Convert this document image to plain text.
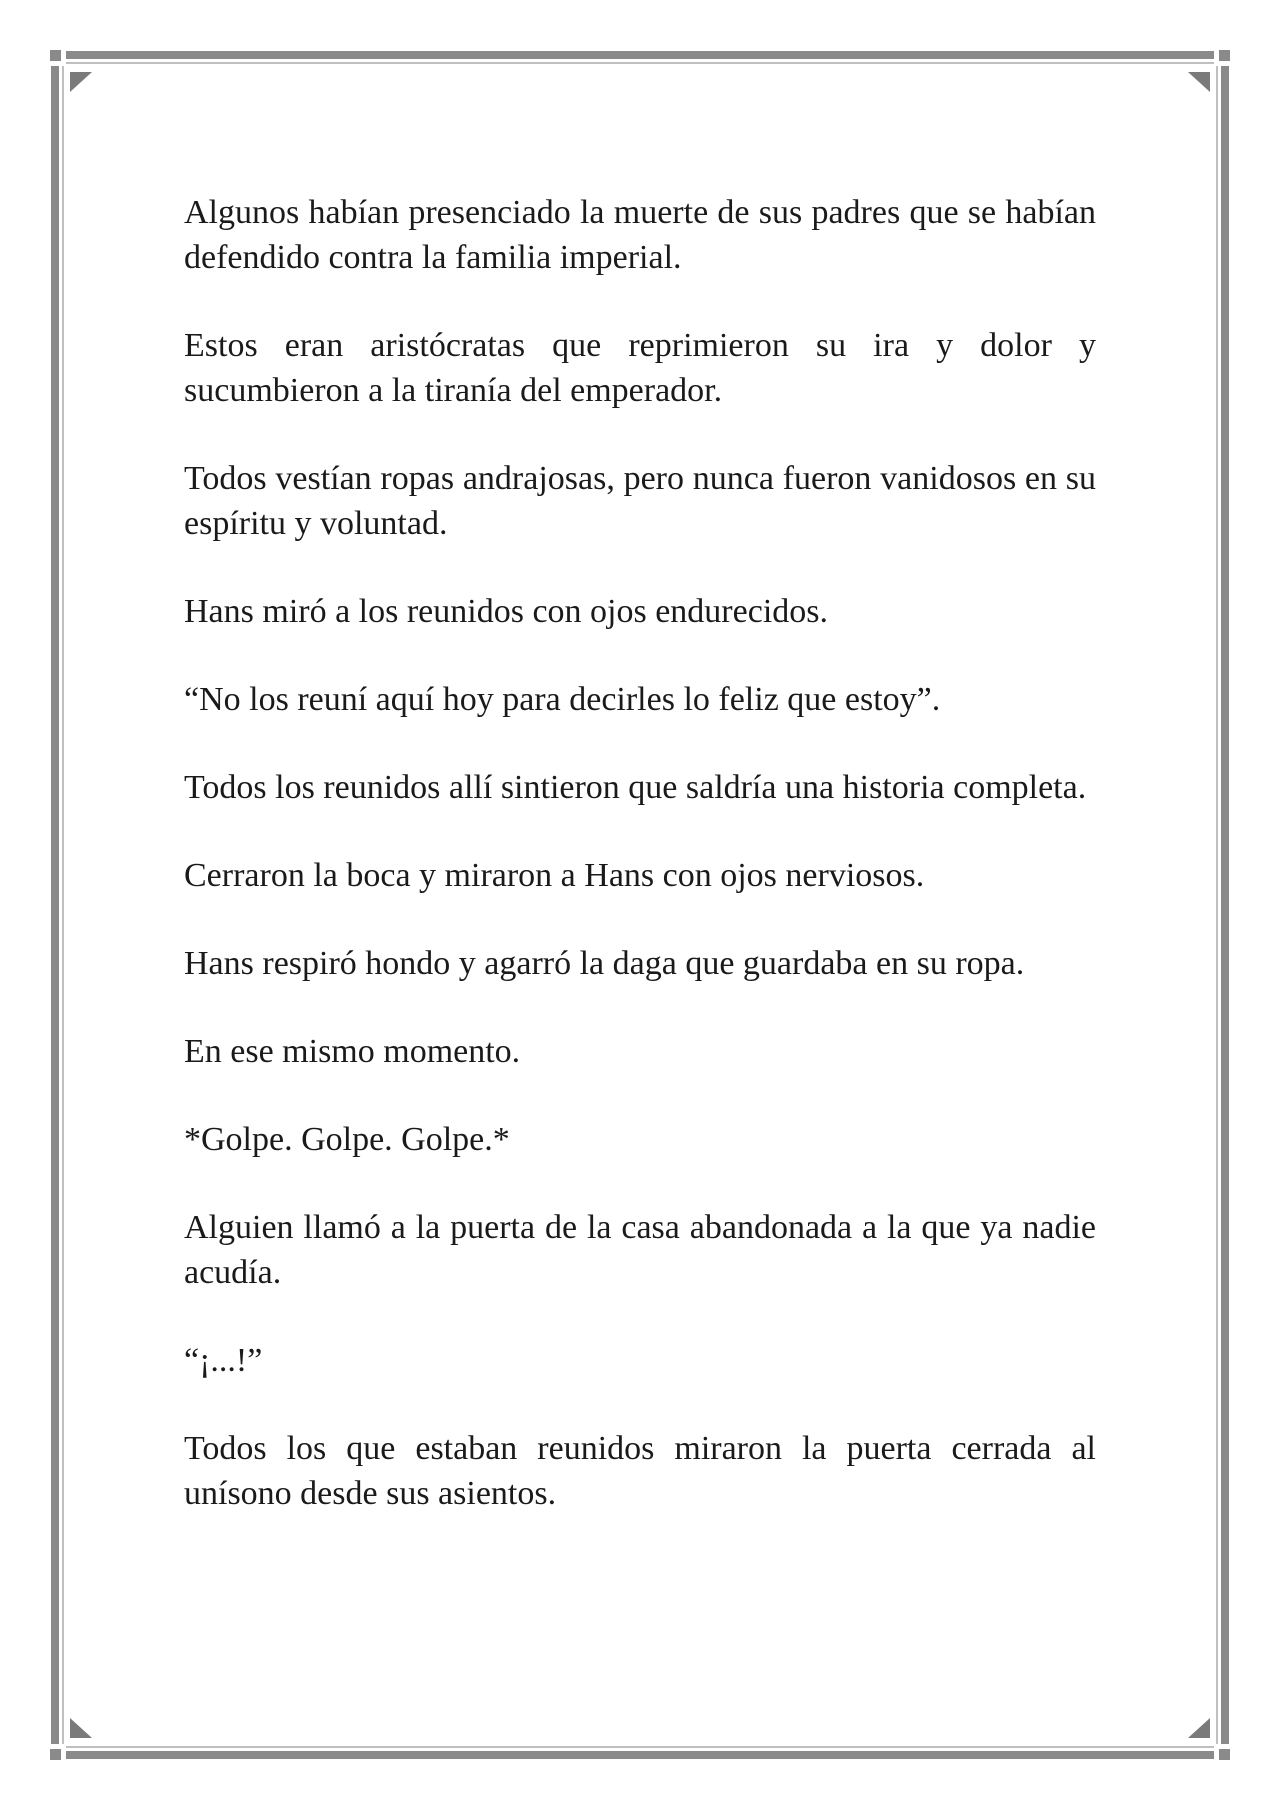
Algunos habían presenciado la muerte de sus padres que se habían defendido contra la familia imperial.

Estos eran aristócratas que reprimieron su ira y dolor y sucumbieron a la tiranía del emperador.

Todos vestían ropas andrajosas, pero nunca fueron vanidosos en su espíritu y voluntad.

Hans miró a los reunidos con ojos endurecidos.

“No los reuní aquí hoy para decirles lo feliz que estoy”.

Todos los reunidos allí sintieron que saldría una historia completa.

Cerraron la boca y miraron a Hans con ojos nerviosos.

Hans respiró hondo y agarró la daga que guardaba en su ropa.

En ese mismo momento.

*Golpe. Golpe. Golpe.*

Alguien llamó a la puerta de la casa abandonada a la que ya nadie acudía.

“¡...!”

Todos los que estaban reunidos miraron la puerta cerrada al unísono desde sus asientos.
